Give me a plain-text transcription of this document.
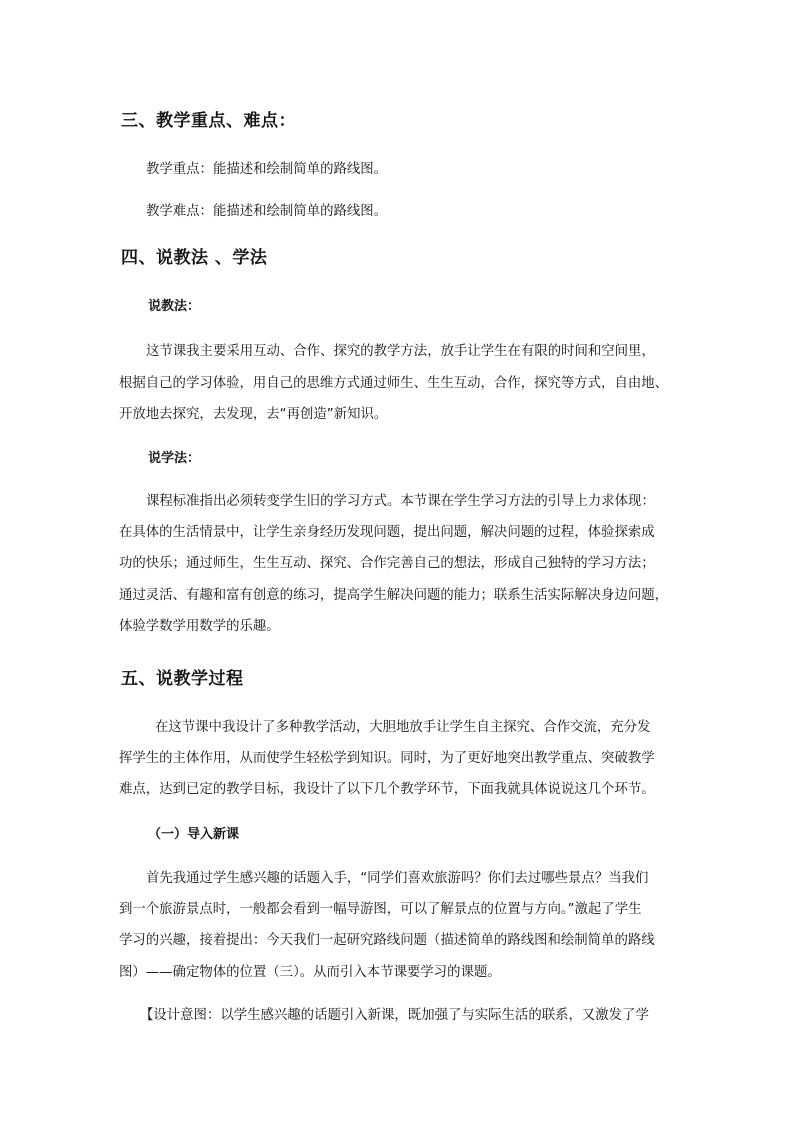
三、教学重点、难点：
教学重点：能描述和绘制简单的路线图。
教学难点：能描述和绘制简单的路线图。
四、说教法 、学法
说教法：
这节课我主要采用互动、合作、探究的教学方法，放手让学生在有限的时间和空间里，
根据自己的学习体验，用自己的思维方式通过师生、生生互动，合作，探究等方式，自由地、
开放地去探究，去发现，去“再创造”新知识。
说学法：
课程标准指出必须转变学生旧的学习方式。本节课在学生学习方法的引导上力求体现：
在具体的生活情景中，让学生亲身经历发现问题，提出问题，解决问题的过程，体验探索成
功的快乐；通过师生，生生互动、探究、合作完善自己的想法，形成自己独特的学习方法；
通过灵活、有趣和富有创意的练习，提高学生解决问题的能力；联系生活实际解决身边问题，
体验学数学用数学的乐趣。
五、说教学过程
在这节课中我设计了多种教学活动，大胆地放手让学生自主探究、合作交流，充分发
挥学生的主体作用，从而使学生轻松学到知识。同时，为了更好地突出教学重点、突破教学
难点，达到已定的教学目标，我设计了以下几个教学环节，下面我就具体说说这几个环节。
（一）导入新课
首先我通过学生感兴趣的话题入手，“同学们喜欢旅游吗？你们去过哪些景点？当我们
到一个旅游景点时，一般都会看到一幅导游图，可以了解景点的位置与方向。”激起了学生
学习的兴趣，接着提出：今天我们一起研究路线问题（描述简单的路线图和绘制简单的路线
图）——确定物体的位置（三）。从而引入本节课要学习的课题。
【设计意图：以学生感兴趣的话题引入新课，既加强了与实际生活的联系，又激发了学
